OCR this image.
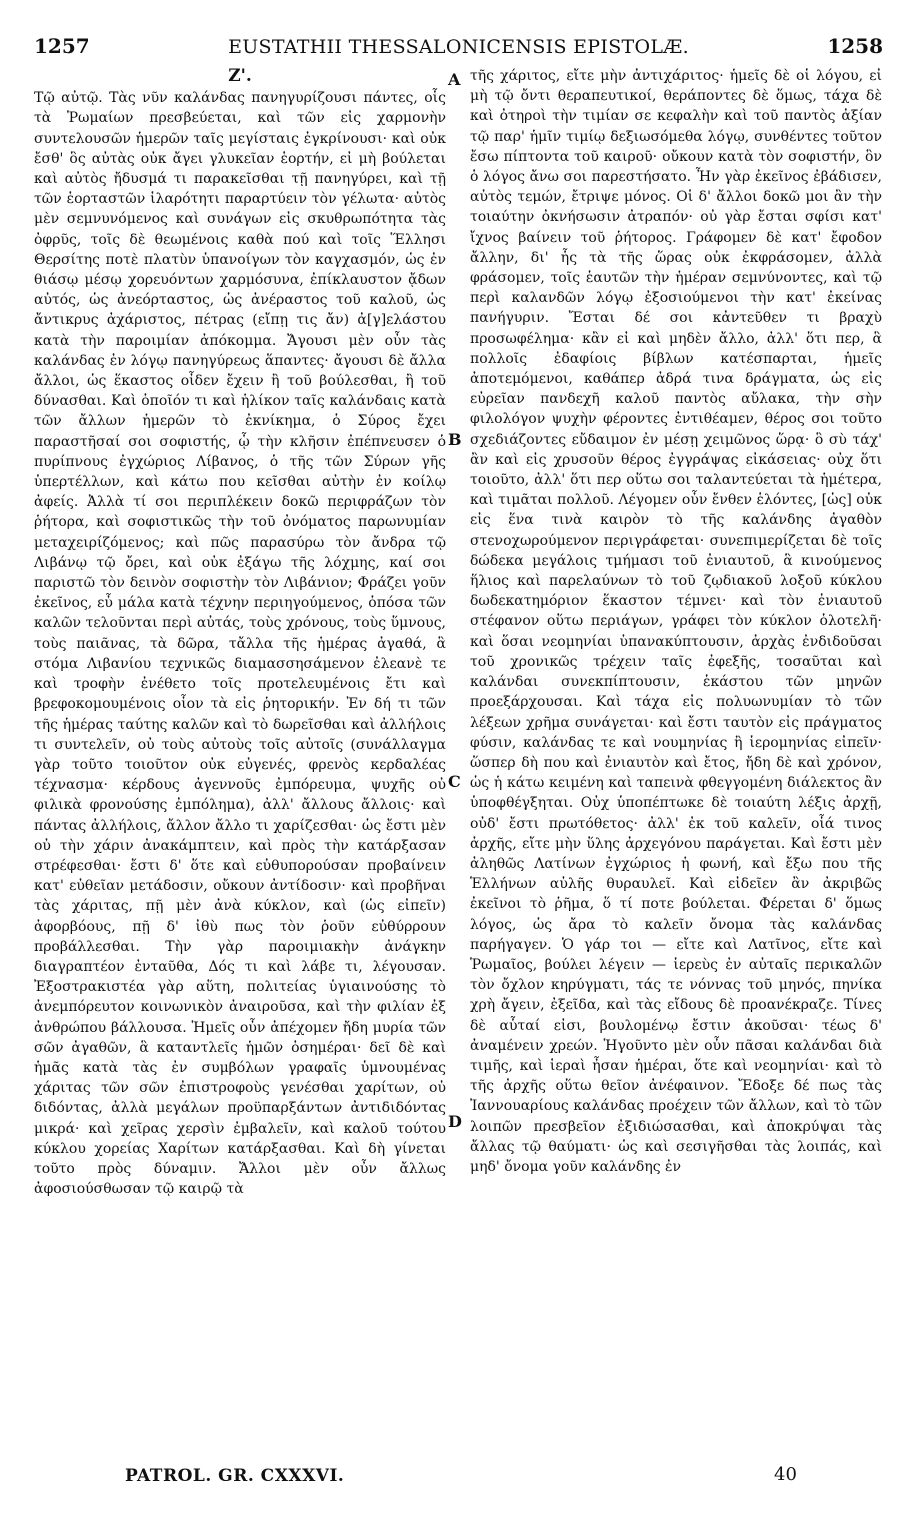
1257	EUSTATHII THESSALONICENSIS EPISTOLÆ.	1258

Z'.

Τῷ αὐτῷ. Τὰς νῦν καλάνδας πανηγυρίζουσι πάντες, οἷς τὰ Ῥωμαίων πρεσβεύεται, καὶ τῶν εἰς χαρμονὴν συντελουσῶν ἡμερῶν ταῖς μεγίσταις ἐγκρίνουσι· καὶ οὐκ ἔσθ' ὃς αὐτὰς οὐκ ἄγει γλυκεῖαν ἑορτήν, εἰ μὴ βούλεται καὶ αὐτὸς ἤδυσμά τι παρακεῖσθαι τῇ πανηγύρει, καὶ τῇ τῶν ἑορταστῶν ἱλαρότητι παραρτύειν τὸν γέλωτα· αὐτὸς μὲν σεμνυνόμενος καὶ συνάγων εἰς σκυθρωπότητα τὰς ὀφρῦς, τοῖς δὲ θεωμένοις καθὰ πού καὶ τοῖς Ἕλλησι Θερσίτης ποτὲ πλατὺν ὑπανοίγων τὸν καγχασμόν, ὡς ἐν θιάσῳ μέσῳ χορευόντων χαρμόσυνα, ἐπίκλαυστον ᾄδων αὐτός, ὡς ἀνεόρταστος, ὡς ἀνέραστος τοῦ καλοῦ, ὡς ἄντικρυς ἀχάριστος, πέτρας (εἴπῃ τις ἄν) ἀ[γ]ελάστου κατὰ τὴν παροιμίαν ἀπόκομμα. Ἄγουσι μὲν οὖν τὰς καλάνδας ἐν λόγῳ πανηγύρεως ἅπαντες· ἄγουσι δὲ ἄλλα ἄλλοι, ὡς ἕκαστος οἶδεν ἔχειν ἢ τοῦ βούλεσθαι, ἢ τοῦ δύνασθαι. Καὶ ὁποῖόν τι καὶ ἡλίκον ταῖς καλάνδαις κατὰ τῶν ἄλλων ἡμερῶν τὸ ἐκνίκημα, ὁ Σύρος ἔχει παραστῆσαί σοι σοφιστής, ᾧ τὴν κλῆσιν ἐπέπνευσεν ὁ πυρίπνους ἐγχώριος Λίβανος, ὁ τῆς τῶν Σύρων γῆς ὑπερτέλλων, καὶ κάτω που κεῖσθαι αὐτὴν ἐν κοίλῳ ἀφείς. Ἀλλὰ τί σοι περιπλέκειν δοκῶ περιφράζων τὸν ῥήτορα, καὶ σοφιστικῶς τὴν τοῦ ὀνόματος παρωνυμίαν μεταχειρίζόμενος; καὶ πῶς παρασύρω τὸν ἄνδρα τῷ Λιβάνῳ τῷ ὄρει, καὶ οὐκ ἐξάγω τῆς λόχμης, καί σοι παριστῶ τὸν δεινὸν σοφιστὴν τὸν Λιβάνιον; Φράζει γοῦν ἐκεῖνος, εὖ μάλα κατὰ τέχνην περιηγούμενος, ὁπόσα τῶν καλῶν τελοῦνται περὶ αὐτάς, τοὺς χρόνους, τοὺς ὕμνους, τοὺς παιᾶνας, τὰ δῶρα, τἄλλα τῆς ἡμέρας ἀγαθά, ἃ στόμα Λιβανίου τεχνικῶς διαμασσησάμενον ἐλεανὲ τε καὶ τροφὴν ἐνέθετο τοῖς προτελευμένοις ἔτι καὶ βρεφοκομουμένοις οἷον τὰ εἰς ῥητορικήν. Ἐν δή τι τῶν τῆς ἡμέρας ταύτης καλῶν καὶ τὸ δωρεῖσθαι καὶ ἀλλήλοις τι συντελεῖν, οὐ τοὺς αὐτοὺς τοῖς αὐτοῖς (συνάλλαγμα γὰρ τοῦτο τοιοῦτον οὐκ εὐγενές, φρενὸς κερδαλέας τέχνασμα· κέρδους ἀγεννοῦς ἐμπόρευμα, ψυχῆς οὐ φιλικὰ φρονούσης ἐμπόλημα), ἀλλ' ἄλλους ἄλλοις· καὶ πάντας ἀλλήλοις, ἄλλον ἄλλο τι χαρίζεσθαι· ὡς ἔστι μὲν οὐ τὴν χάριν ἀνακάμπτειν, καὶ πρὸς τὴν κατάρξασαν στρέφεσθαι· ἔστι δ' ὅτε καὶ εὐθυπορούσαν προβαίνειν κατ' εὐθεῖαν μετάδοσιν, οὔκουν ἀντίδοσιν· καὶ προβῆναι τὰς χάριτας, πῇ μὲν ἀνὰ κύκλον, καὶ (ὡς εἰπεῖν) ἀφορβόους, πῇ δ' ἰθὺ πως τὸν ῥοῦν εὐθύρρουν προβάλλεσθαι. Τὴν γὰρ παροιμιακὴν ἀνάγκην διαγραπτέον ἐνταῦθα, Δός τι καὶ λάβε τι, λέγουσαν. Ἐξοστρακιστέα γὰρ αὕτη, πολιτείας ὑγιαινούσης τὸ ἀνεμπόρευτον κοινωνικὸν ἀναιροῦσα, καὶ τὴν φιλίαν ἐξ ἀνθρώπου βάλλουσα. Ἡμεῖς οὖν ἀπέχομεν ἤδη μυρία τῶν σῶν ἀγαθῶν, ἃ καταντλεῖς ἡμῶν ὁσημέραι· δεῖ δὲ καὶ ἡμᾶς κατὰ τὰς ἐν συμβόλων γραφαῖς ὑμνουμένας χάριτας τῶν σῶν ἐπιστροφοὺς γενέσθαι χαρίτων, οὐ διδόντας, ἀλλὰ μεγάλων προϋπαρξάντων ἀντιδιδόντας μικρά· καὶ χεῖρας χερσὶν ἐμβαλεῖν, καὶ καλοῦ τούτου κύκλου χορείας Χαρίτων κατάρξασθαι. Καὶ δὴ γίνεται τοῦτο πρὸς δύναμιν. Ἄλλοι μὲν οὖν ἄλλως ἀφοσιούσθωσαν τῷ καιρῷ τὰ

A
B
C
D

τῆς χάριτος, εἴτε μὴν ἀντιχάριτος· ἡμεῖς δὲ οἱ λόγου, εἰ μὴ τῷ ὄντι θεραπευτικοί, θεράποντες δὲ ὅμως, τάχα δὲ καὶ ὀτηροὶ τὴν τιμίαν σε κεφαλὴν καὶ τοῦ παντὸς ἀξίαν τῷ παρ' ἡμῖν τιμίῳ δεξιωσόμεθα λόγῳ, συνθέντες τοῦτον ἔσω πίπτοντα τοῦ καιροῦ· οὔκουν κατὰ τὸν σοφιστήν, ὃν ὁ λόγος ἄνω σοι παρεστήσατο. Ἦν γὰρ ἐκεῖνος ἐβάδισεν, αὐτὸς τεμών, ἔτριψε μόνος. Οἱ δ' ἄλλοι δοκῶ μοι ἂν τὴν τοιαύτην ὀκνήσωσιν ἀτραπόν· οὐ γὰρ ἔσται σφίσι κατ' ἴχνος βαίνειν τοῦ ῥήτορος. Γράφομεν δὲ κατ' ἔφοδον ἄλλην, δι' ἧς τὰ τῆς ὥρας οὐκ ἐκφράσομεν, ἀλλὰ φράσομεν, τοῖς ἑαυτῶν τὴν ἡμέραν σεμνύνοντες, καὶ τῷ περὶ καλανδῶν λόγῳ ἐξοσιούμενοι τὴν κατ' ἐκείνας πανήγυριν. Ἔσται δέ σοι κἀντεῦθεν τι βραχὺ προσωφέλημα· κἂν εἰ καὶ μηδὲν ἄλλο, ἀλλ' ὅτι περ, ἃ πολλοῖς ἐδαφίοις βίβλων κατέσπαρται, ἡμεῖς ἀποτεμόμενοι, καθάπερ ἀδρά τινα δράγματα, ὡς εἰς εὐρεῖαν πανδεχῆ καλοῦ παντὸς αὔλακα, τὴν σὴν φιλολόγον ψυχὴν φέροντες ἐντιθέαμεν, θέρος σοι τοῦτο σχεδιάζοντες εὔδαιμον ἐν μέσῃ χειμῶνος ὥρᾳ· ὃ σὺ τάχ' ἂν καὶ εἰς χρυσοῦν θέρος ἐγγράψας εἰκάσειας· οὐχ ὅτι τοιοῦτο, ἀλλ' ὅτι περ οὕτω σοι ταλαντεύεται τὰ ἡμέτερα, καὶ τιμᾶται πολλοῦ. Λέγομεν οὖν ἔνθεν ἑλόντες, [ὡς] οὐκ εἰς ἕνα τινὰ καιρὸν τὸ τῆς καλάνδης ἀγαθὸν στενοχωρούμενον περιγράφεται· συνεπιμερίζεται δὲ τοῖς δώδεκα μεγάλοις τμήμασι τοῦ ἐνιαυτοῦ, ἃ κινούμενος ἥλιος καὶ παρελαύνων τὸ τοῦ ζῳδιακοῦ λοξοῦ κύκλου δωδεκατημόριον ἕκαστον τέμνει· καὶ τὸν ἐνιαυτοῦ στέφανον οὕτω περιάγων, γράφει τὸν κύκλον ὁλοτελῆ· καὶ ὅσαι νεομηνίαι ὑπανακύπτουσιν, ἀρχὰς ἐνδιδοῦσαι τοῦ χρονικῶς τρέχειν ταῖς ἐφεξῆς, τοσαῦται καὶ καλάνδαι συνεκπίπτουσιν, ἑκάστου τῶν μηνῶν προεξάρχουσαι. Καὶ τάχα εἰς πολυωνυμίαν τὸ τῶν λέξεων χρῆμα συνάγεται· καὶ ἔστι ταυτὸν εἰς πράγματος φύσιν, καλάνδας τε καὶ νουμηνίας ἢ ἱερομηνίας εἰπεῖν· ὥσπερ δὴ που καὶ ἐνιαυτὸν καὶ ἔτος, ἤδη δὲ καὶ χρόνον, ὡς ἡ κάτω κειμένη καὶ ταπεινὰ φθεγγομένη διάλεκτος ἂν ὑποφθέγξηται. Οὐχ ὑποπέπτωκε δὲ τοιαύτη λέξις ἀρχῇ, οὐδ' ἔστι πρωτόθετος· ἀλλ' ἐκ τοῦ καλεῖν, οἷά τινος ἀρχῆς, εἴτε μὴν ὕλης ἀρχεγόνου παράγεται. Καὶ ἔστι μὲν ἀληθῶς Λατίνων ἐγχώριος ἡ φωνή, καὶ ἔξω που τῆς Ἑλλήνων αὐλῆς θυραυλεῖ. Καὶ εἰδεῖεν ἂν ἀκριβῶς ἐκεῖνοι τὸ ῥῆμα, ὅ τί ποτε βούλεται. Φέρεται δ' ὅμως λόγος, ὡς ἄρα τὸ καλεῖν ὄνομα τὰς καλάνδας παρήγαγεν. Ὁ γάρ τοι — εἴτε καὶ Λατῖνος, εἴτε καὶ Ῥωμαῖος, βούλει λέγειν — ἱερεὺς ἐν αὐταῖς περικαλῶν τὸν ὄχλον κηρύγματι, τάς τε νόννας τοῦ μηνός, πηνίκα χρὴ ἄγειν, ἐξεῖδα, καὶ τὰς εἴδους δὲ προανέκραζε. Τίνες δὲ αὗταί εἰσι, βουλομένῳ ἔστιν ἀκοῦσαι· τέως δ' ἀναμένειν χρεών. Ἡγοῦντο μὲν οὖν πᾶσαι καλάνδαι διὰ τιμῆς, καὶ ἱεραὶ ἦσαν ἡμέραι, ὅτε καὶ νεομηνίαι· καὶ τὸ τῆς ἀρχῆς οὕτω θεῖον ἀνέφαινον. Ἔδοξε δέ πως τὰς Ἰαννουαρίους καλάνδας προέχειν τῶν ἄλλων, καὶ τὸ τῶν λοιπῶν πρεσβεῖον ἐξιδιώσασθαι, καὶ ἀποκρύψαι τὰς ἄλλας τῷ θαύματι· ὡς καὶ σεσιγῆσθαι τὰς λοιπάς, καὶ μηδ' ὄνομα γοῦν καλάνδης ἐν

PATROL. GR. CXXXVI.	40
